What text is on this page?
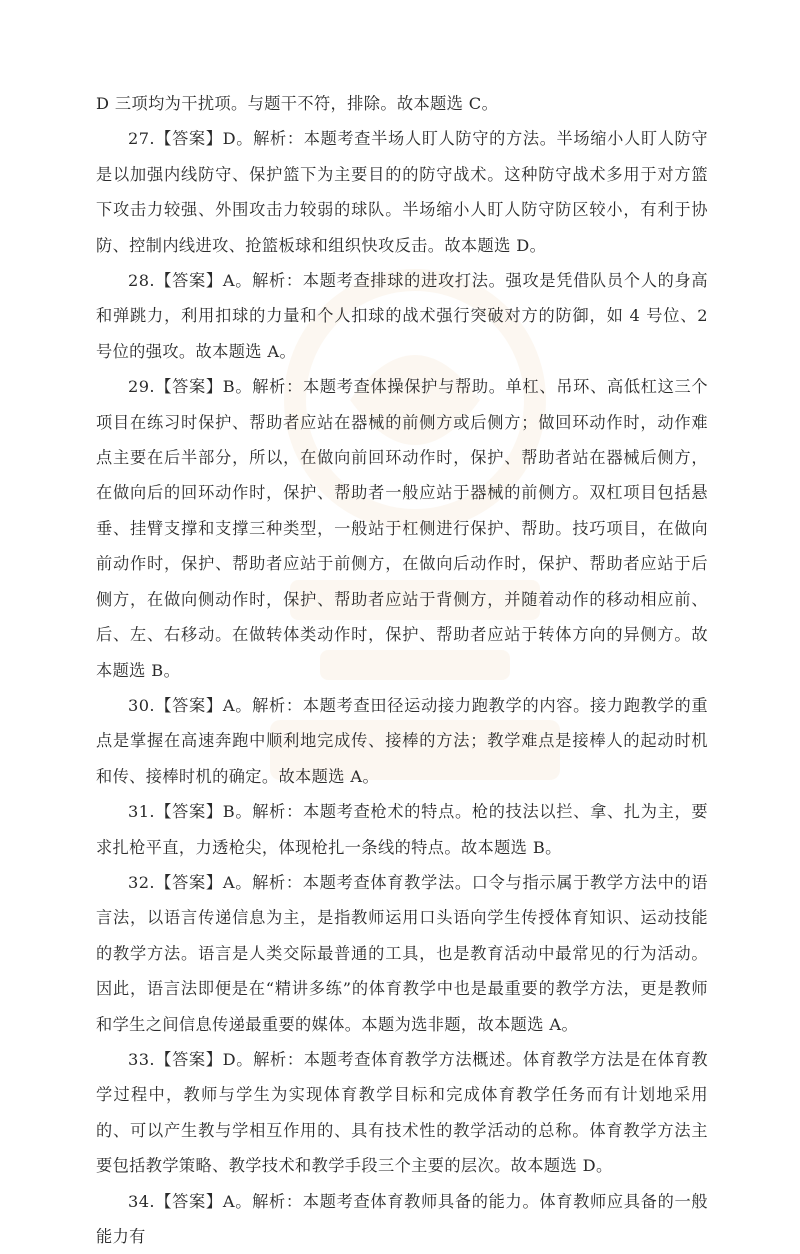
D 三项均为干扰项。与题干不符，排除。故本题选 C。

27.【答案】D。解析：本题考查半场人盯人防守的方法。半场缩小人盯人防守是以加强内线防守、保护篮下为主要目的的防守战术。这种防守战术多用于对方篮下攻击力较强、外围攻击力较弱的球队。半场缩小人盯人防守防区较小，有利于协防、控制内线进攻、抢篮板球和组织快攻反击。故本题选 D。

28.【答案】A。解析：本题考查排球的进攻打法。强攻是凭借队员个人的身高和弹跳力，利用扣球的力量和个人扣球的战术强行突破对方的防御，如 4 号位、2 号位的强攻。故本题选 A。

29.【答案】B。解析：本题考查体操保护与帮助。单杠、吊环、高低杠这三个项目在练习时保护、帮助者应站在器械的前侧方或后侧方；做回环动作时，动作难点主要在后半部分，所以，在做向前回环动作时，保护、帮助者站在器械后侧方，在做向后的回环动作时，保护、帮助者一般应站于器械的前侧方。双杠项目包括悬垂、挂臂支撑和支撑三种类型，一般站于杠侧进行保护、帮助。技巧项目，在做向前动作时，保护、帮助者应站于前侧方，在做向后动作时，保护、帮助者应站于后侧方，在做向侧动作时，保护、帮助者应站于背侧方，并随着动作的移动相应前、后、左、右移动。在做转体类动作时，保护、帮助者应站于转体方向的异侧方。故本题选 B。

30.【答案】A。解析：本题考查田径运动接力跑教学的内容。接力跑教学的重点是掌握在高速奔跑中顺利地完成传、接棒的方法；教学难点是接棒人的起动时机和传、接棒时机的确定。故本题选 A。

31.【答案】B。解析：本题考查枪术的特点。枪的技法以拦、拿、扎为主，要求扎枪平直，力透枪尖，体现枪扎一条线的特点。故本题选 B。

32.【答案】A。解析：本题考查体育教学法。口令与指示属于教学方法中的语言法，以语言传递信息为主，是指教师运用口头语向学生传授体育知识、运动技能的教学方法。语言是人类交际最普通的工具，也是教育活动中最常见的行为活动。因此，语言法即便是在“精讲多练”的体育教学中也是最重要的教学方法，更是教师和学生之间信息传递最重要的媒体。本题为选非题，故本题选 A。

33.【答案】D。解析：本题考查体育教学方法概述。体育教学方法是在体育教学过程中，教师与学生为实现体育教学目标和完成体育教学任务而有计划地采用的、可以产生教与学相互作用的、具有技术性的教学活动的总称。体育教学方法主要包括教学策略、教学技术和教学手段三个主要的层次。故本题选 D。

34.【答案】A。解析：本题考查体育教师具备的能力。体育教师应具备的一般能力有
